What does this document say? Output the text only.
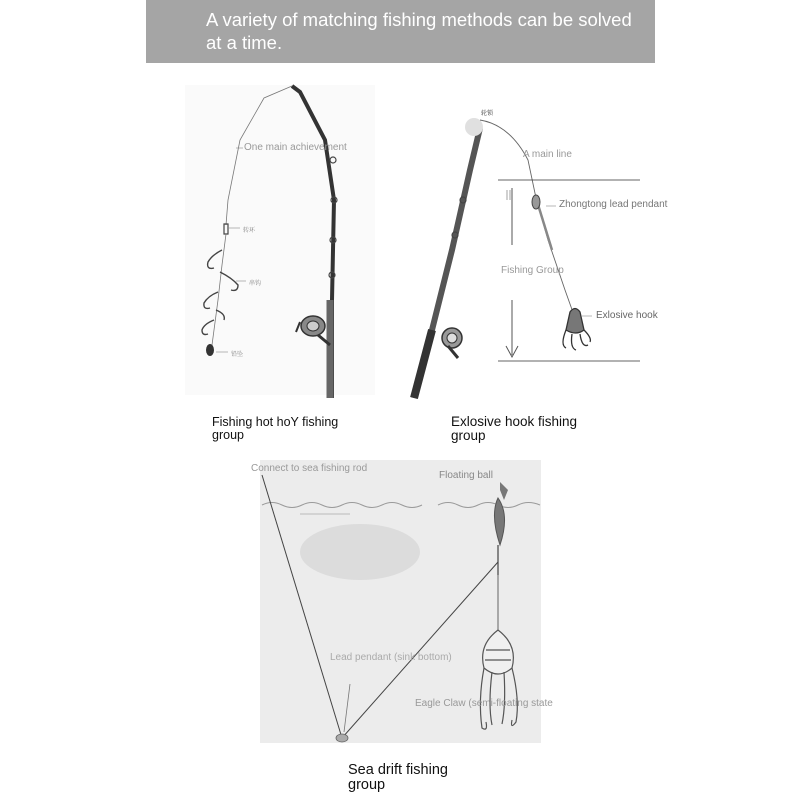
A variety of matching fishing methods can be solved at a time.
One main achievement
转环
串钩
铅坠
Fishing hot hoY fishing
group
轮锁
A main line
Zhongtong lead pendant
Fishing Group
Exlosive hook
Exlosive hook fishing
group
Connect to sea fishing rod
Floating ball
Lead pendant (sink bottom)
Eagle Claw (semi-floating state
Sea drift fishing
group
